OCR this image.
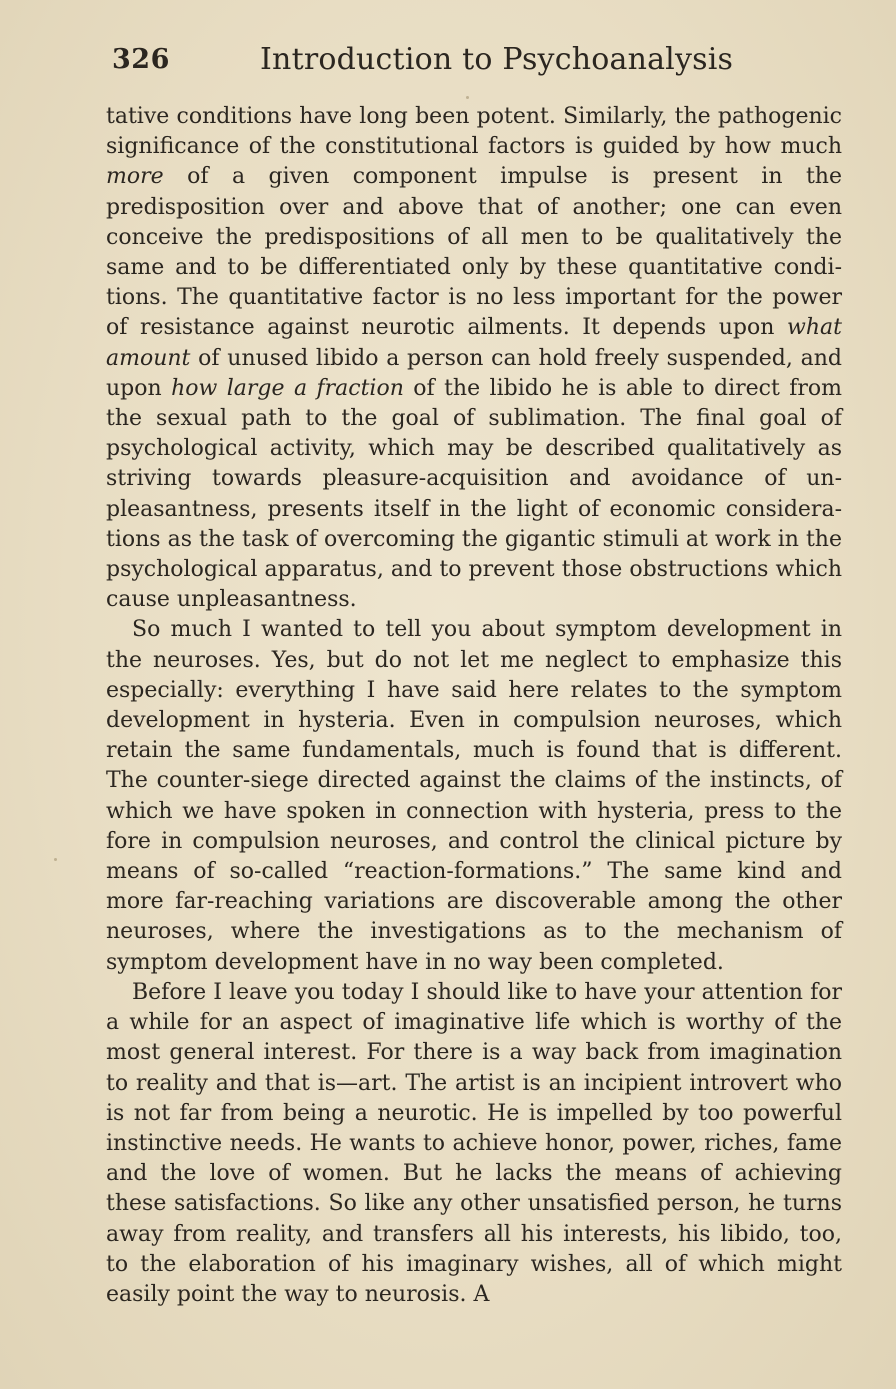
326	Introduction to Psychoanalysis

tative conditions have long been potent. Similarly, the pathogenic significance of the constitutional factors is guided by how much more of a given component impulse is present in the predisposition over and above that of another; one can even conceive the predispositions of all men to be qualitatively the same and to be differentiated only by these quantitative conditions. The quantitative factor is no less important for the power of resistance against neurotic ailments. It depends upon what amount of unused libido a person can hold freely suspended, and upon how large a fraction of the libido he is able to direct from the sexual path to the goal of sublimation. The final goal of psychological activity, which may be described qualitatively as striving towards pleasure-acquisition and avoidance of unpleasantness, presents itself in the light of economic considerations as the task of overcoming the gigantic stimuli at work in the psychological apparatus, and to prevent those obstructions which cause unpleasantness.

So much I wanted to tell you about symptom development in the neuroses. Yes, but do not let me neglect to emphasize this especially: everything I have said here relates to the symptom development in hysteria. Even in compulsion neuroses, which retain the same fundamentals, much is found that is different. The counter-siege directed against the claims of the instincts, of which we have spoken in connection with hysteria, press to the fore in compulsion neuroses, and control the clinical picture by means of so-called “reaction-formations.” The same kind and more far-reaching variations are discoverable among the other neuroses, where the investigations as to the mechanism of symptom development have in no way been completed.

Before I leave you today I should like to have your attention for a while for an aspect of imaginative life which is worthy of the most general interest. For there is a way back from imagination to reality and that is—art. The artist is an incipient introvert who is not far from being a neurotic. He is impelled by too powerful instinctive needs. He wants to achieve honor, power, riches, fame and the love of women. But he lacks the means of achieving these satisfactions. So like any other unsatisfied person, he turns away from reality, and transfers all his interests, his libido, too, to the elaboration of his imaginary wishes, all of which might easily point the way to neurosis. A
